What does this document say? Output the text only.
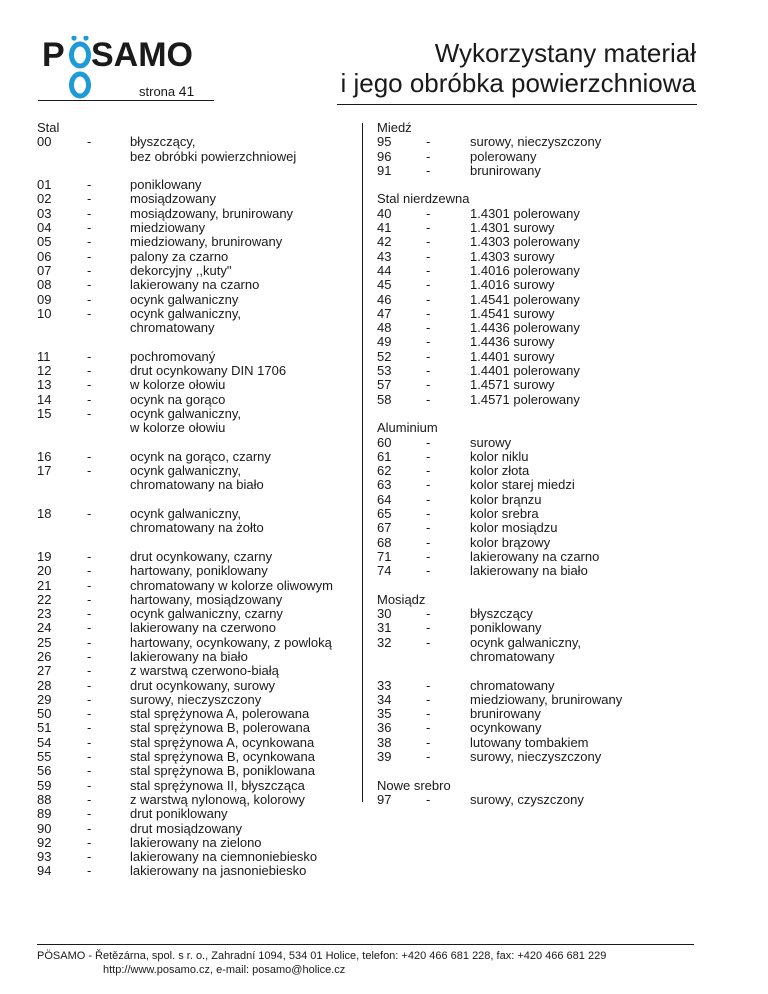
P SAMO
strona 41
Wykorzystany materiał
i jego obróbka powierzchniowa
Stal
00	-	błyszczący,
bez obróbki powierzchniowej
01	-	poniklowany
02	-	mosiądzowany
03	-	mosiądzowany, brunirowany
04	-	miedziowany
05	-	miedziowany, brunirowany
06	-	palony za czarno
07	-	dekorcyjny ,,kuty"
08	-	lakierowany na czarno
09	-	ocynk galwaniczny
10	-	ocynk galwaniczny,
chromatowany
11	-	pochromovaný
12	-	drut ocynkowany DIN 1706
13	-	w kolorze ołowiu
14	-	ocynk na gorąco
15	-	ocynk galwaniczny,
w kolorze ołowiu
16	-	ocynk na gorąco, czarny
17	-	ocynk galwaniczny,
chromatowany na biało
18	-	ocynk galwaniczny,
chromatowany na żołto
19	-	drut ocynkowany, czarny
20	-	hartowany, poniklowany
21	-	chromatowany w kolorze oliwowym
22	-	hartowany, mosiądzowany
23	-	ocynk galwaniczny, czarny
24	-	lakierowany na czerwono
25	-	hartowany, ocynkowany, z powloką
26	-	lakierowany na biało
27	-	z warstwą czerwono-białą
28	-	drut ocynkowany, surowy
29	-	surowy, nieczyszczony
50	-	stal sprężynowa A, polerowana
51	-	stal sprężynowa B, polerowana
54	-	stal sprężynowa A, ocynkowana
55	-	stal sprężynowa B, ocynkowana
56	-	stal sprężynowa B, poniklowana
59	-	stal sprężynowa II, błyszcząca
88	-	z warstwą nylonową, kolorowy
89	-	drut poniklowany
90	-	drut mosiądzowany
92	-	lakierowany na zielono
93	-	lakierowany na ciemnoniebiesko
94	-	lakierowany na jasnoniebiesko
Miedź
95	-	surowy, nieczyszczony
96	-	polerowany
91	-	brunirowany
Stal nierdzewna
40	-	1.4301 polerowany
41	-	1.4301 surowy
42	-	1.4303 polerowany
43	-	1.4303 surowy
44	-	1.4016 polerowany
45	-	1.4016 surowy
46	-	1.4541 polerowany
47	-	1.4541 surowy
48	-	1.4436 polerowany
49	-	1.4436 surowy
52	-	1.4401 surowy
53	-	1.4401 polerowany
57	-	1.4571 surowy
58	-	1.4571 polerowany
Aluminium
60	-	surowy
61	-	kolor niklu
62	-	kolor złota
63	-	kolor starej miedzi
64	-	kolor brąnzu
65	-	kolor srebra
67	-	kolor mosiądzu
68	-	kolor brązowy
71	-	lakierowany na czarno
74	-	lakierowany na biało
Mosiądz
30	-	błyszczący
31	-	poniklowany
32	-	ocynk galwaniczny,
chromatowany
33	-	chromatowany
34	-	miedziowany, brunirowany
35	-	brunirowany
36	-	ocynkowany
38	-	lutowany tombakiem
39	-	surowy, nieczyszczony
Nowe srebro
97	-	surowy, czyszczony
PÖSAMO - Řetězárna, spol. s r. o., Zahradní 1094, 534 01 Holice, telefon: +420 466 681 228, fax: +420 466 681 229
http://www.posamo.cz, e-mail: posamo@holice.cz
